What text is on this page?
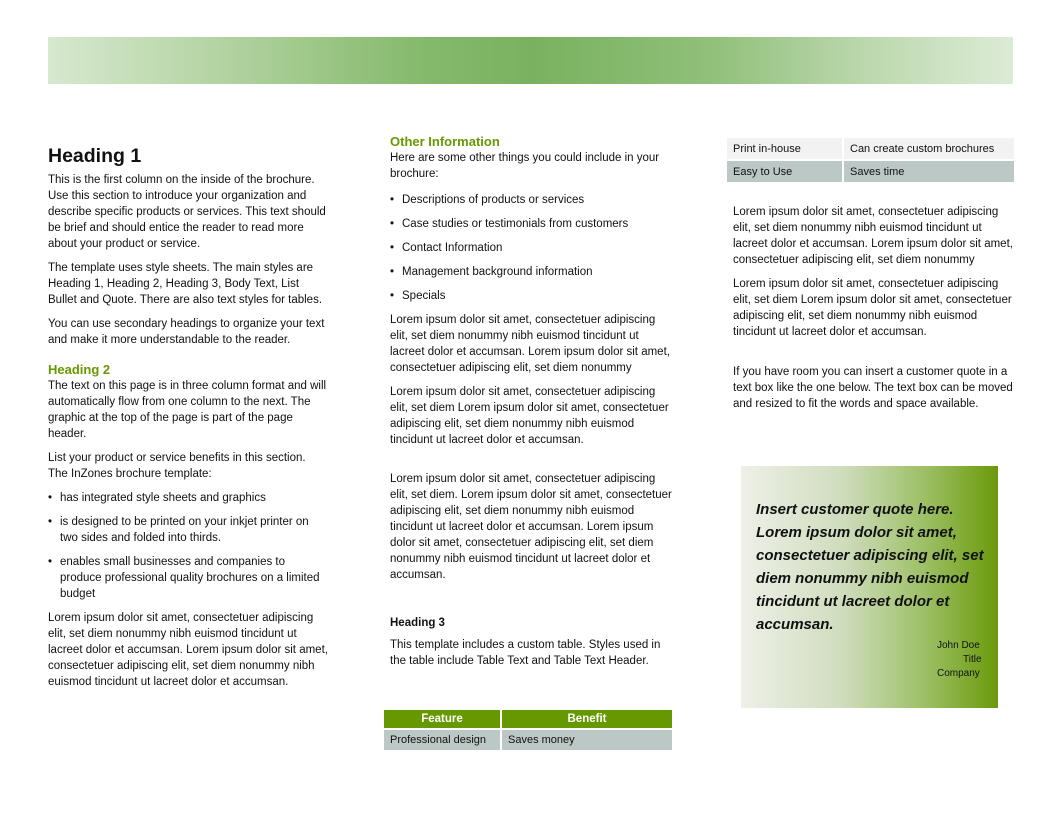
Heading 1

This is the first column on the inside of the brochure. Use this section to introduce your organization and describe specific products or services. This text should be brief and should entice the reader to read more about your product or service.

The template uses style sheets. The main styles are Heading 1, Heading 2, Heading 3, Body Text, List Bullet and Quote. There are also text styles for tables.

You can use secondary headings to organize your text and make it more understandable to the reader.

Heading 2

The text on this page is in three column format and will automatically flow from one column to the next. The graphic at the top of the page is part of the page header.

List your product or service benefits in this section. The InZones brochure template:

• has integrated style sheets and graphics
• is designed to be printed on your inkjet printer on two sides and folded into thirds.
• enables small businesses and companies to produce professional quality brochures on a limited budget

Lorem ipsum dolor sit amet, consectetuer adipiscing elit, set diem nonummy nibh euismod tincidunt ut lacreet dolor et accumsan. Lorem ipsum dolor sit amet, consectetuer adipiscing elit, set diem nonummy nibh euismod tincidunt ut lacreet dolor et accumsan.

Other Information

Here are some other things you could include in your brochure:

• Descriptions of products or services
• Case studies or testimonials from customers
• Contact Information
• Management background information
• Specials

Lorem ipsum dolor sit amet, consectetuer adipiscing elit, set diem nonummy nibh euismod tincidunt ut lacreet dolor et accumsan. Lorem ipsum dolor sit amet, consectetuer adipiscing elit, set diem nonummy

Lorem ipsum dolor sit amet, consectetuer adipiscing elit, set diem Lorem ipsum dolor sit amet, consectetuer adipiscing elit, set diem nonummy nibh euismod tincidunt ut lacreet dolor et accumsan.

Lorem ipsum dolor sit amet, consectetuer adipiscing elit, set diem. Lorem ipsum dolor sit amet, consectetuer adipiscing elit, set diem nonummy nibh euismod tincidunt ut lacreet dolor et accumsan. Lorem ipsum dolor sit amet, consectetuer adipiscing elit, set diem nonummy nibh euismod tincidunt ut lacreet dolor et accumsan.

Heading 3

This template includes a custom table. Styles used in the table include Table Text and Table Text Header.

Feature	Benefit
Professional design	Saves money
Print in-house	Can create custom brochures
Easy to Use	Saves time

Lorem ipsum dolor sit amet, consectetuer adipiscing elit, set diem nonummy nibh euismod tincidunt ut lacreet dolor et accumsan. Lorem ipsum dolor sit amet, consectetuer adipiscing elit, set diem nonummy

Lorem ipsum dolor sit amet, consectetuer adipiscing elit, set diem Lorem ipsum dolor sit amet, consectetuer adipiscing elit, set diem nonummy nibh euismod tincidunt ut lacreet dolor et accumsan.

If you have room you can insert a customer quote in a text box like the one below. The text box can be moved and resized to fit the words and space available.

Insert customer quote here. Lorem ipsum dolor sit amet, consectetuer adipiscing elit, set diem nonummy nibh euismod tincidunt ut lacreet dolor et accumsan.
John Doe
Title
Company
